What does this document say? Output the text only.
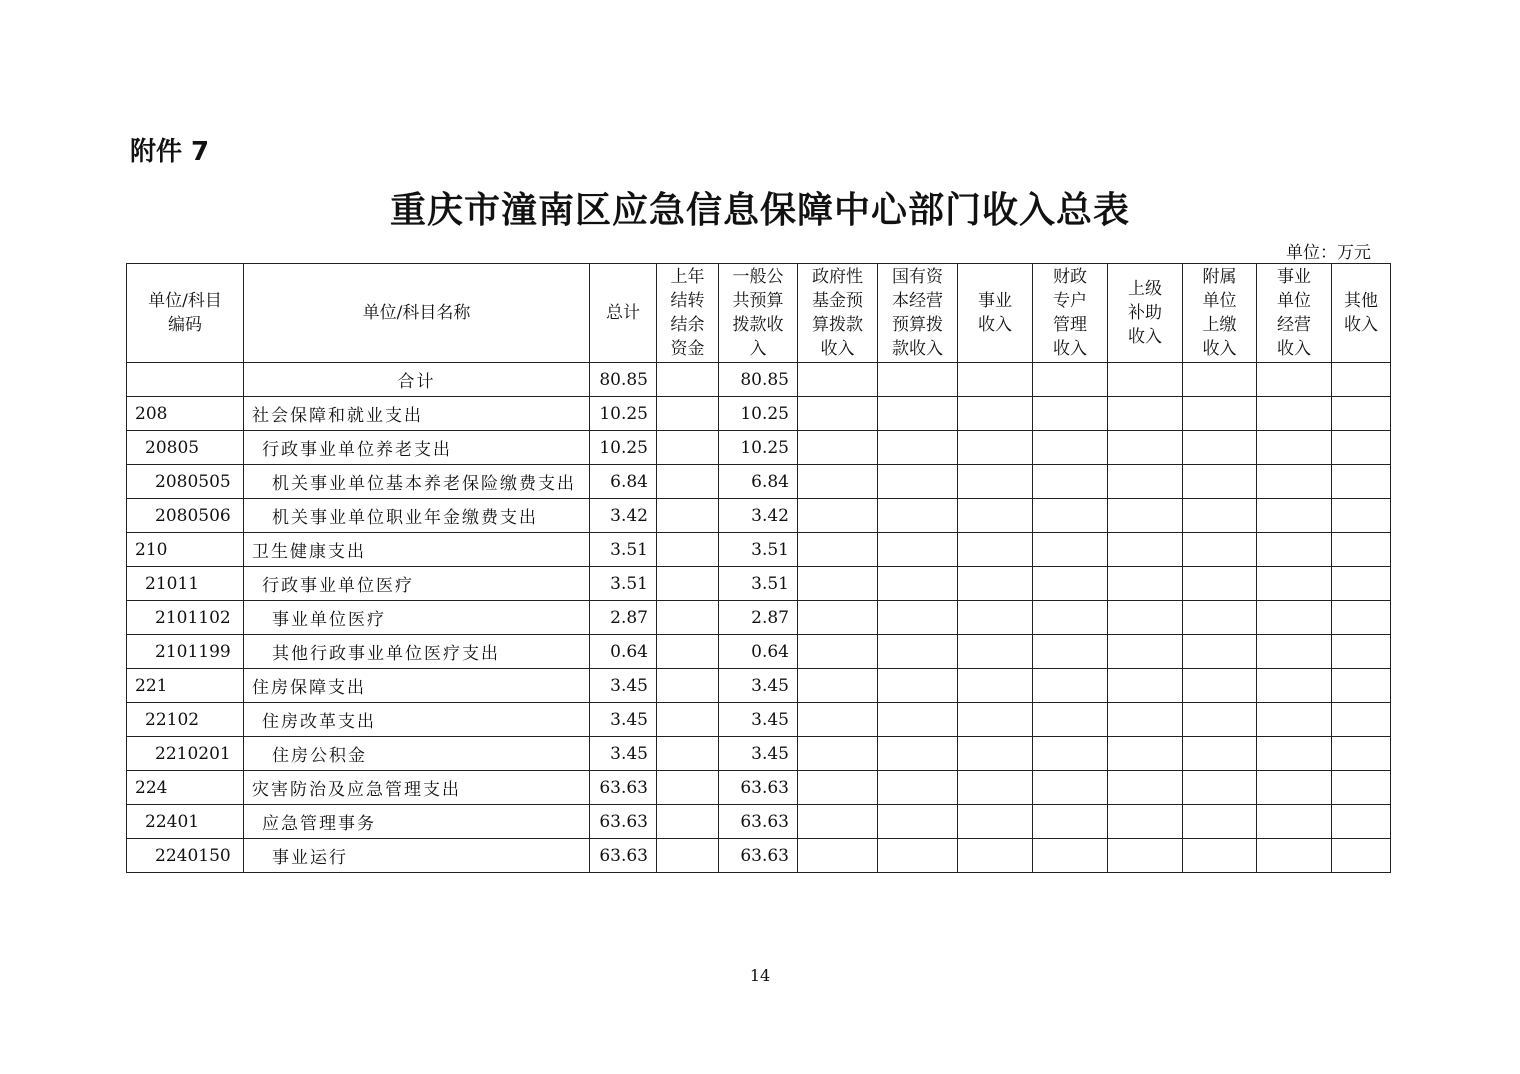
附件 7
重庆市潼南区应急信息保障中心部门收入总表
单位：万元
单位/科目
编码	单位/科目名称	总计	上年
结转
结余
资金	一般公
共预算
拨款收
入	政府性
基金预
算拨款
收入	国有资
本经营
预算拨
款收入	事业
收入	财政
专户
管理
收入	上级
补助
收入	附属
单位
上缴
收入	事业
单位
经营
收入	其他
收入
	合计	80.85		80.85								
208	社会保障和就业支出	10.25		10.25								
20805	行政事业单位养老支出	10.25		10.25								
2080505	机关事业单位基本养老保险缴费支出	6.84		6.84								
2080506	机关事业单位职业年金缴费支出	3.42		3.42								
210	卫生健康支出	3.51		3.51								
21011	行政事业单位医疗	3.51		3.51								
2101102	事业单位医疗	2.87		2.87								
2101199	其他行政事业单位医疗支出	0.64		0.64								
221	住房保障支出	3.45		3.45								
22102	住房改革支出	3.45		3.45								
2210201	住房公积金	3.45		3.45								
224	灾害防治及应急管理支出	63.63		63.63								
22401	应急管理事务	63.63		63.63								
2240150	事业运行	63.63		63.63								
14
